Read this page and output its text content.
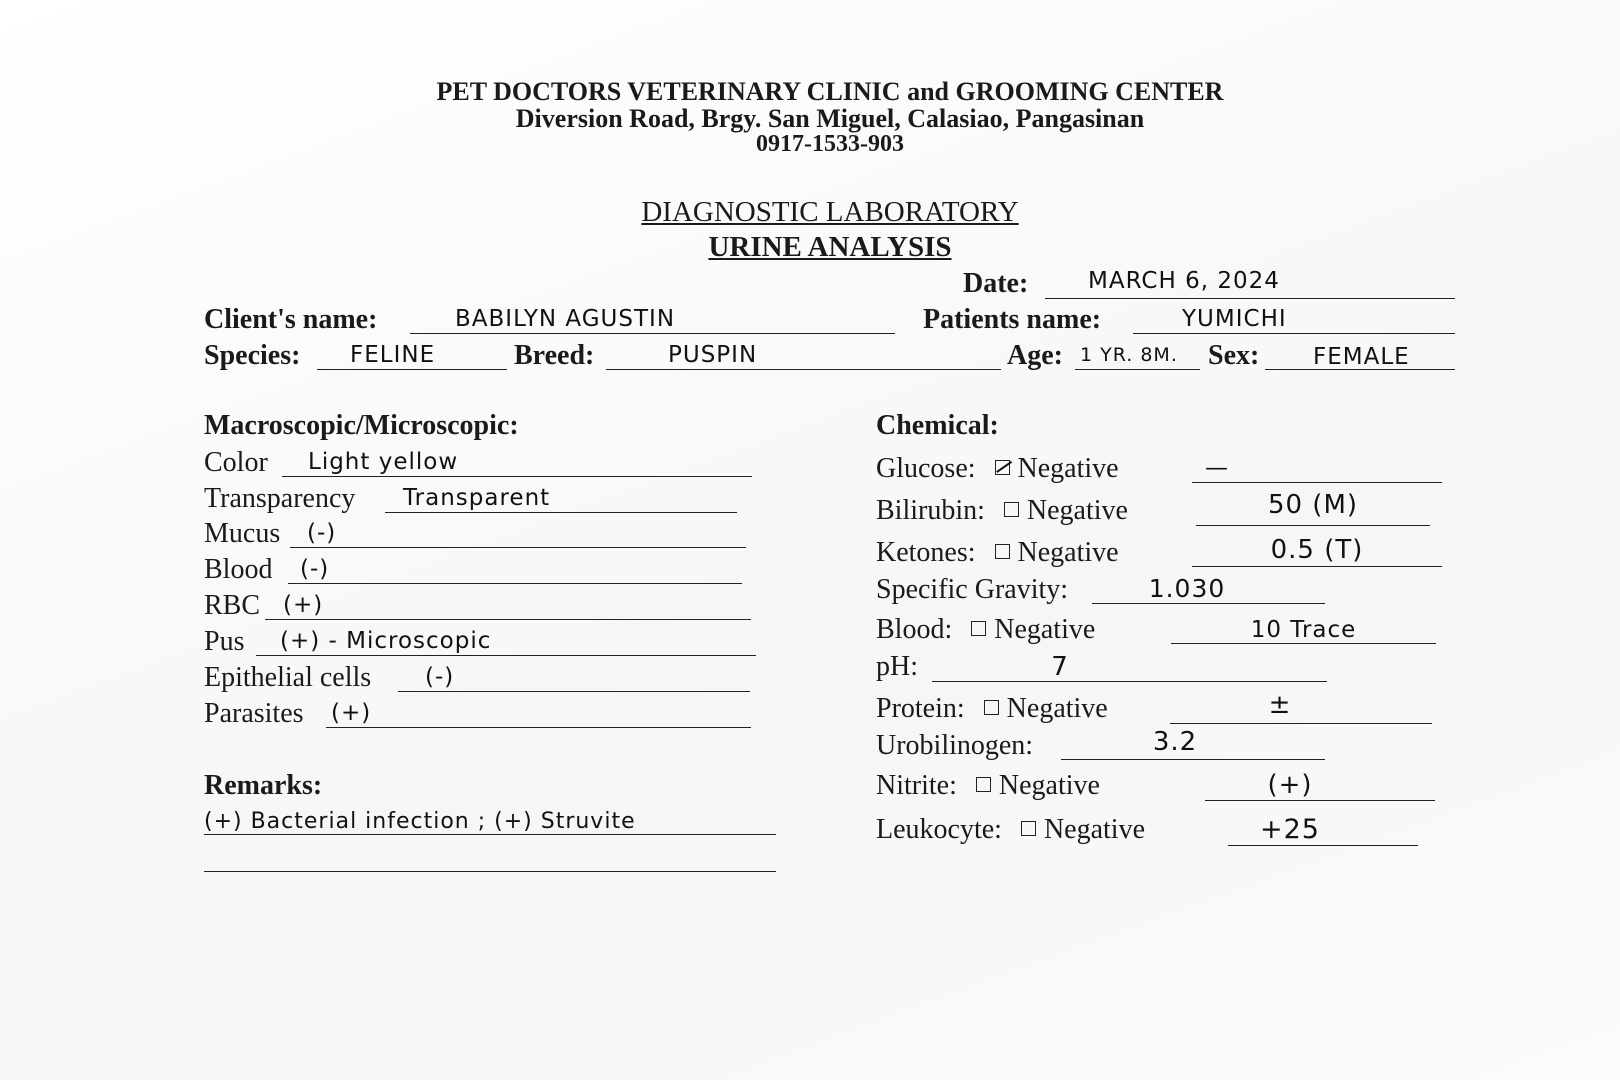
PET DOCTORS VETERINARY CLINIC and GROOMING CENTER
Diversion Road, Brgy. San Miguel, Calasiao, Pangasinan
0917-1533-903
DIAGNOSTIC LABORATORY
URINE ANALYSIS
Date:	MARCH 6, 2024
Client's name:	BABILYN AGUSTIN	Patients name:	YUMICHI
Species: FELINE	Breed:	PUSPIN	Age: 1 YR. 8M. Sex: FEMALE
Macroscopic/Microscopic:
Color Light yellow
Transparency Transparent
Mucus (-)
Blood (-)
RBC (+)
Pus (+) - Microscopic
Epithelial cells (-)
Parasites (+)
Remarks:
(+) Bacterial infection ; (+) Struvite
Chemical:
Glucose: Negative	—
Bilirubin: Negative	50 (M)
Ketones: Negative	0.5 (T)
Specific Gravity:	1.030
Blood: Negative	10 Trace
pH:	7
Protein: Negative	±
Urobilinogen:	3.2
Nitrite: Negative	(+)
Leukocyte: Negative	+25
